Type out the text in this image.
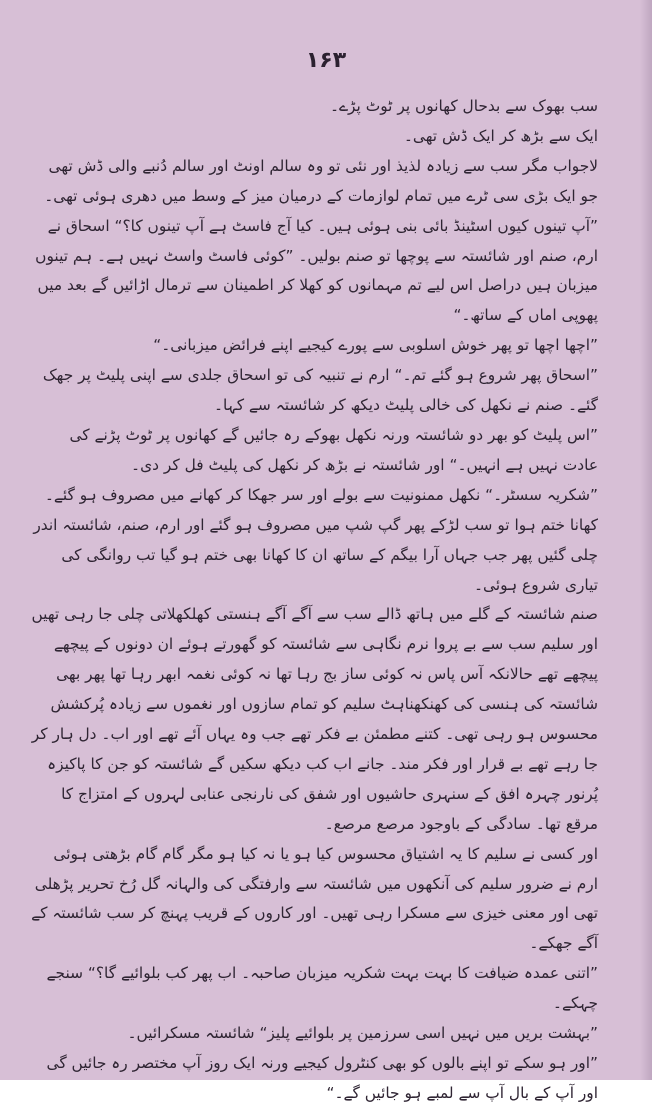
۱۶۳

سب بھوک سے بدحال کھانوں پر ٹوٹ پڑے۔

ایک سے بڑھ کر ایک ڈش تھی۔

لاجواب مگر سب سے زیادہ لذیذ اور نئی تو وہ سالم اونٹ اور سالم دُنبے والی ڈش تھی جو ایک بڑی سی ٹرے میں تمام لوازمات کے درمیان میز کے وسط میں دھری ہوئی تھی۔

”آپ تینوں کیوں اسٹینڈ بائی بنی ہوئی ہیں۔ کیا آج فاسٹ ہے آپ تینوں کا؟“ اسحاق نے ارم، صنم اور شائستہ سے پوچھا تو صنم بولیں۔ ”کوئی فاسٹ واسٹ نہیں ہے۔ ہم تینوں میزبان ہیں دراصل اس لیے تم مہمانوں کو کھلا کر اطمینان سے ترمال اڑائیں گے بعد میں پھوپی اماں کے ساتھ۔“

”اچھا اچھا تو پھر خوش اسلوبی سے پورے کیجیے اپنے فرائض میزبانی۔“

”اسحاق پھر شروع ہو گئے تم۔“ ارم نے تنبیہ کی تو اسحاق جلدی سے اپنی پلیٹ پر جھک گئے۔ صنم نے نکھل کی خالی پلیٹ دیکھ کر شائستہ سے کہا۔

”اس پلیٹ کو بھر دو شائستہ ورنہ نکھل بھوکے رہ جائیں گے کھانوں پر ٹوٹ پڑنے کی عادت نہیں ہے انہیں۔“ اور شائستہ نے بڑھ کر نکھل کی پلیٹ فل کر دی۔

”شکریہ سسٹر۔“ نکھل ممنونیت سے بولے اور سر جھکا کر کھانے میں مصروف ہو گئے۔

کھانا ختم ہوا تو سب لڑکے پھر گپ شپ میں مصروف ہو گئے اور ارم، صنم، شائستہ اندر چلی گئیں پھر جب جہاں آرا بیگم کے ساتھ ان کا کھانا بھی ختم ہو گیا تب روانگی کی تیاری شروع ہوئی۔

صنم شائستہ کے گلے میں ہاتھ ڈالے سب سے آگے آگے ہنستی کھلکھلاتی چلی جا رہی تھیں اور سلیم سب سے بے پروا نرم نگاہی سے شائستہ کو گھورتے ہوئے ان دونوں کے پیچھے پیچھے تھے حالانکہ آس پاس نہ کوئی ساز بج رہا تھا نہ کوئی نغمہ ابھر رہا تھا پھر بھی شائستہ کی ہنسی کی کھنکھناہٹ سلیم کو تمام سازوں اور نغموں سے زیادہ پُرکشش محسوس ہو رہی تھی۔ کتنے مطمئن بے فکر تھے جب وہ یہاں آئے تھے اور اب۔ دل ہار کر جا رہے تھے بے قرار اور فکر مند۔ جانے اب کب دیکھ سکیں گے شائستہ کو جن کا پاکیزہ پُرنور چہرہ افق کے سنہری حاشیوں اور شفق کی نارنجی عنابی لہروں کے امتزاج کا مرقع تھا۔ سادگی کے باوجود مرصع مرصع۔

اور کسی نے سلیم کا یہ اشتیاق محسوس کیا ہو یا نہ کیا ہو مگر گام گام بڑھتی ہوئی ارم نے ضرور سلیم کی آنکھوں میں شائستہ سے وارفتگی کی والہانہ گل رُخ تحریر پڑھلی تھی اور معنی خیزی سے مسکرا رہی تھیں۔ اور کاروں کے قریب پہنچ کر سب شائستہ کے آگے جھکے۔

”اتنی عمدہ ضیافت کا بہت بہت شکریہ میزبان صاحبہ۔ اب پھر کب بلوائیے گا؟“ سنجے چہکے۔

”بہشت بریں میں نہیں اسی سرزمین پر بلوائیے پلیز“ شائستہ مسکرائیں۔

”اور ہو سکے تو اپنے بالوں کو بھی کنٹرول کیجیے ورنہ ایک روز آپ مختصر رہ جائیں گی اور آپ کے بال آپ سے لمبے ہو جائیں گے۔“
